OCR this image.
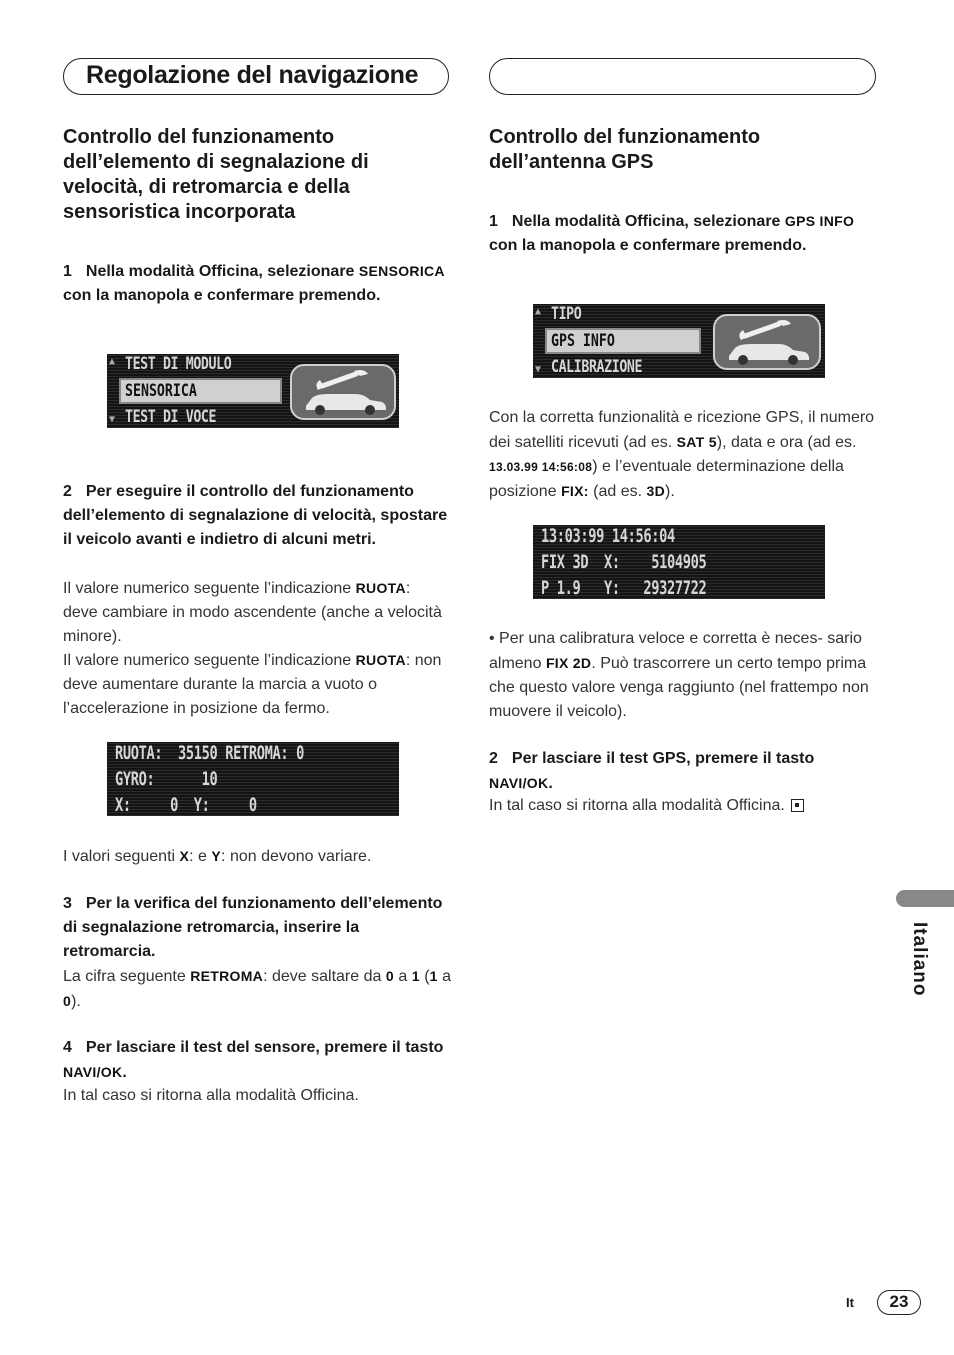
Regolazione del navigazione
Controllo del funzionamento dell’elemento di segnalazione di velocità, di retromarcia e della sensoristica incorporata
1 Nella modalità Officina, selezionare SENSORICA con la manopola e confermare premendo.
▲ TEST DI MODULO
SENSORICA
▼ TEST DI VOCE
2 Per eseguire il controllo del funzionamento dell’elemento di segnalazione di velocità, spostare il veicolo avanti e indietro di alcuni metri.
Il valore numerico seguente l’indicazione RUOTA: deve cambiare in modo ascendente (anche a velocità minore).
Il valore numerico seguente l’indicazione RUOTA: non deve aumentare durante la marcia a vuoto o l’accelerazione in posizione da fermo.
RUOTA:  35150 RETROMA: 0
GYRO:      10
X:     0  Y:     0
I valori seguenti X: e Y: non devono variare.
3 Per la verifica del funzionamento dell’elemento di segnalazione retromarcia, inserire la retromarcia.
La cifra seguente RETROMA: deve saltare da 0 a 1 (1 a 0).
4 Per lasciare il test del sensore, premere il tasto NAVI/OK.
In tal caso si ritorna alla modalità Officina.
Controllo del funzionamento dell’antenna GPS
1 Nella modalità Officina, selezionare GPS INFO con la manopola e confermare premendo.
▲ TIPO
GPS INFO
▼ CALIBRAZIONE
Con la corretta funzionalità e ricezione GPS, il numero dei satelliti ricevuti (ad es. SAT 5), data e ora (ad es. 13.03.99 14:56:08) e l’eventuale determinazione della posizione FIX: (ad es. 3D).
13:03:99 14:56:04
FIX 3D  X:    5104905
P 1.9   Y:   29327722
• Per una calibratura veloce e corretta è neces- sario almeno FIX 2D. Può trascorrere un certo tempo prima che questo valore venga raggiunto (nel frattempo non muovere il veicolo).
2 Per lasciare il test GPS, premere il tasto NAVI/OK.
In tal caso si ritorna alla modalità Officina.
Italiano
It	23
